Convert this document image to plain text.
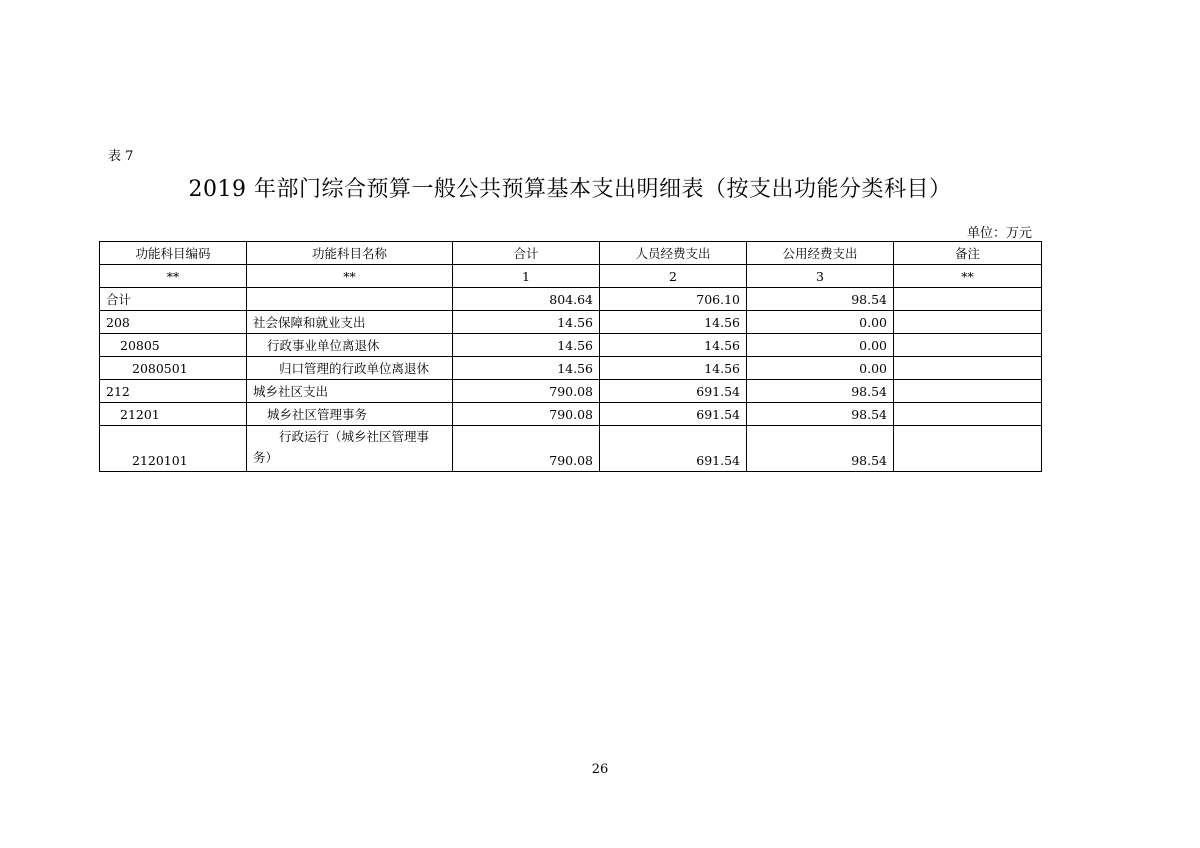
表 7
2019 年部门综合预算一般公共预算基本支出明细表（按支出功能分类科目）
单位：万元
功能科目编码	功能科目名称	合计	人员经费支出	公用经费支出	备注
**	**	1	2	3	**
合计		804.64	706.10	98.54	
208	社会保障和就业支出	14.56	14.56	0.00	
20805	行政事业单位离退休	14.56	14.56	0.00	
2080501	归口管理的行政单位离退休	14.56	14.56	0.00	
212	城乡社区支出	790.08	691.54	98.54	
21201	城乡社区管理事务	790.08	691.54	98.54	
2120101	行政运行（城乡社区管理事务）	790.08	691.54	98.54	
26
